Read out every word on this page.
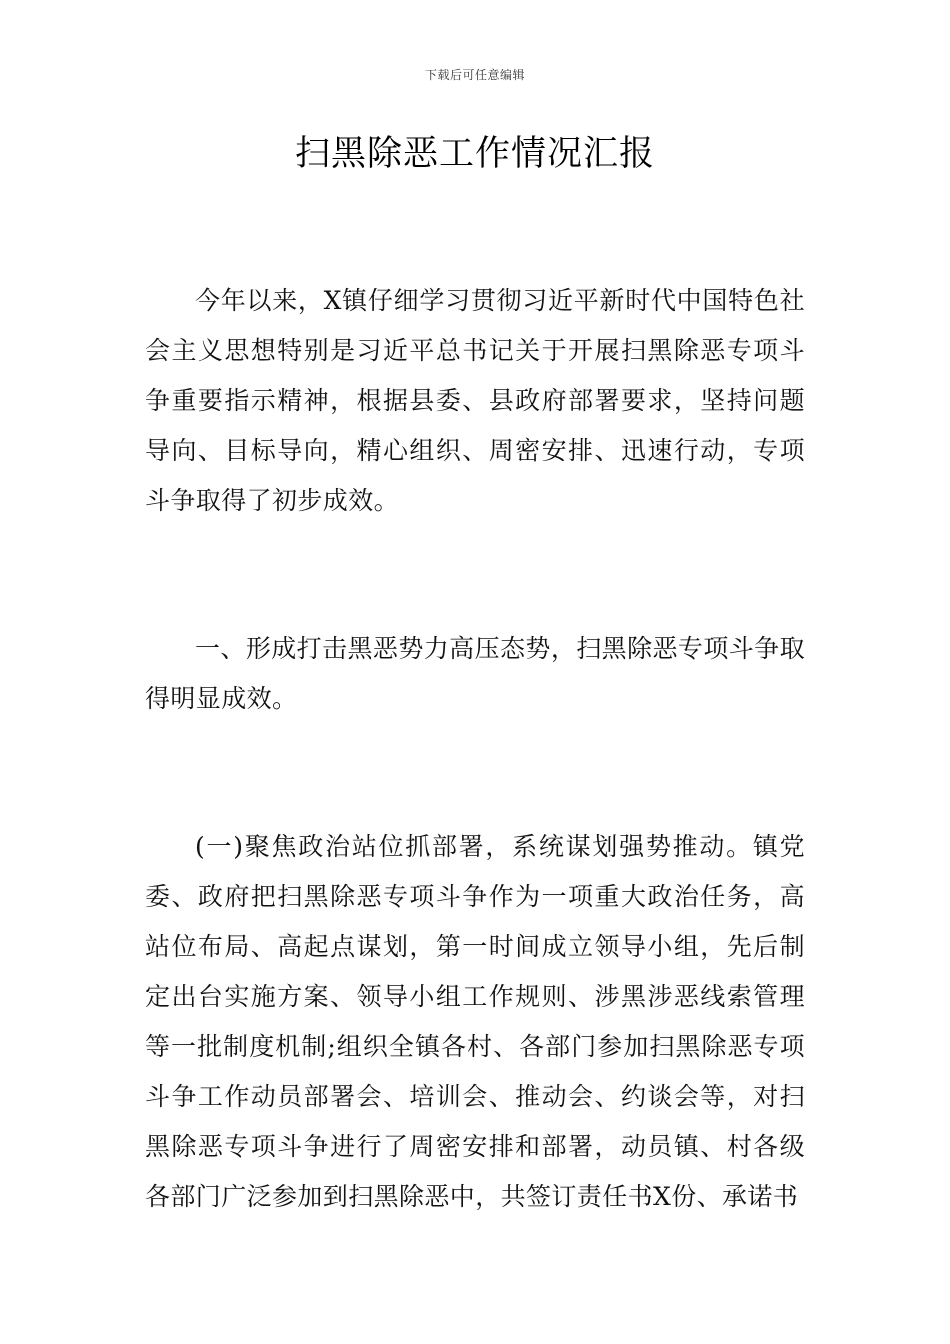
下载后可任意编辑
扫黑除恶工作情况汇报

今年以来，X镇仔细学习贯彻习近平新时代中国特色社会主义思想特别是习近平总书记关于开展扫黑除恶专项斗争重要指示精神，根据县委、县政府部署要求，坚持问题导向、目标导向，精心组织、周密安排、迅速行动，专项斗争取得了初步成效。

一、形成打击黑恶势力高压态势，扫黑除恶专项斗争取得明显成效。

(一)聚焦政治站位抓部署，系统谋划强势推动。镇党委、政府把扫黑除恶专项斗争作为一项重大政治任务，高站位布局、高起点谋划，第一时间成立领导小组，先后制定出台实施方案、领导小组工作规则、涉黑涉恶线索管理等一批制度机制;组织全镇各村、各部门参加扫黑除恶专项斗争工作动员部署会、培训会、推动会、约谈会等，对扫黑除恶专项斗争进行了周密安排和部署，动员镇、村各级各部门广泛参加到扫黑除恶中，共签订责任书X份、承诺书
